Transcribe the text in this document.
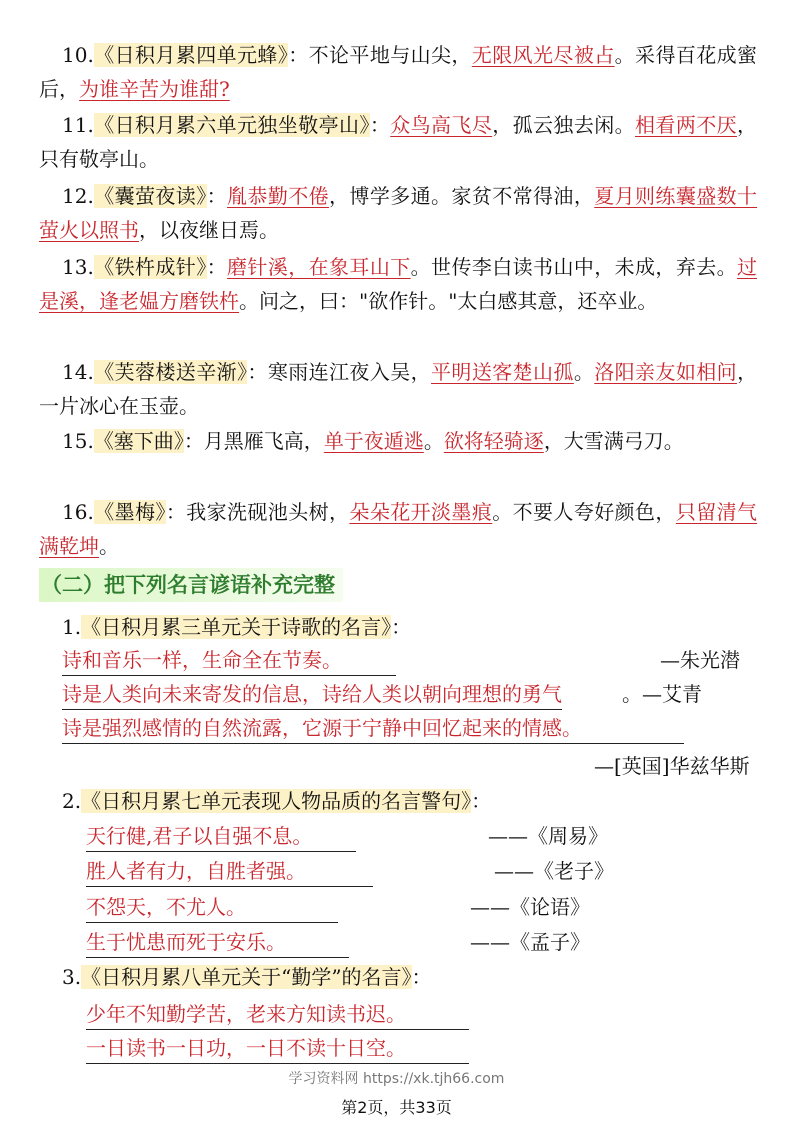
10.《日积月累四单元蜂》：不论平地与山尖，无限风光尽被占。采得百花成蜜后，为谁辛苦为谁甜?
11.《日积月累六单元独坐敬亭山》：众鸟高飞尽，孤云独去闲。相看两不厌，只有敬亭山。
12.《囊萤夜读》：胤恭勤不倦，博学多通。家贫不常得油，夏月则练囊盛数十萤火以照书，以夜继日焉。
13.《铁杵成针》：磨针溪，在象耳山下。世传李白读书山中，未成，弃去。过是溪，逢老媪方磨铁杵。问之，曰："欲作针。"太白感其意，还卒业。
14.《芙蓉楼送辛渐》：寒雨连江夜入吴，平明送客楚山孤。洛阳亲友如相问，一片冰心在玉壶。
15.《塞下曲》：月黑雁飞高，单于夜遁逃。欲将轻骑逐，大雪满弓刀。
16.《墨梅》：我家洗砚池头树，朵朵花开淡墨痕。不要人夸好颜色，只留清气满乾坤。
（二）把下列名言谚语补充完整
1.《日积月累三单元关于诗歌的名言》：
诗和音乐一样，生命全在节奏。	—朱光潜
诗是人类向未来寄发的信息，诗给人类以朝向理想的勇气	。—艾青
诗是强烈感情的自然流露，它源于宁静中回忆起来的情感。
—[英国]华兹华斯
2.《日积月累七单元表现人物品质的名言警句》：
天行健,君子以自强不息。	——《周易》
胜人者有力，自胜者强。	——《老子》
不怨天，不尤人。	——《论语》
生于忧患而死于安乐。	——《孟子》
3.《日积月累八单元关于“勤学”的名言》：
少年不知勤学苦，老来方知读书迟。
一日读书一日功，一日不读十日空。
学习资料网 https://xk.tjh66.com
第2页，共33页
